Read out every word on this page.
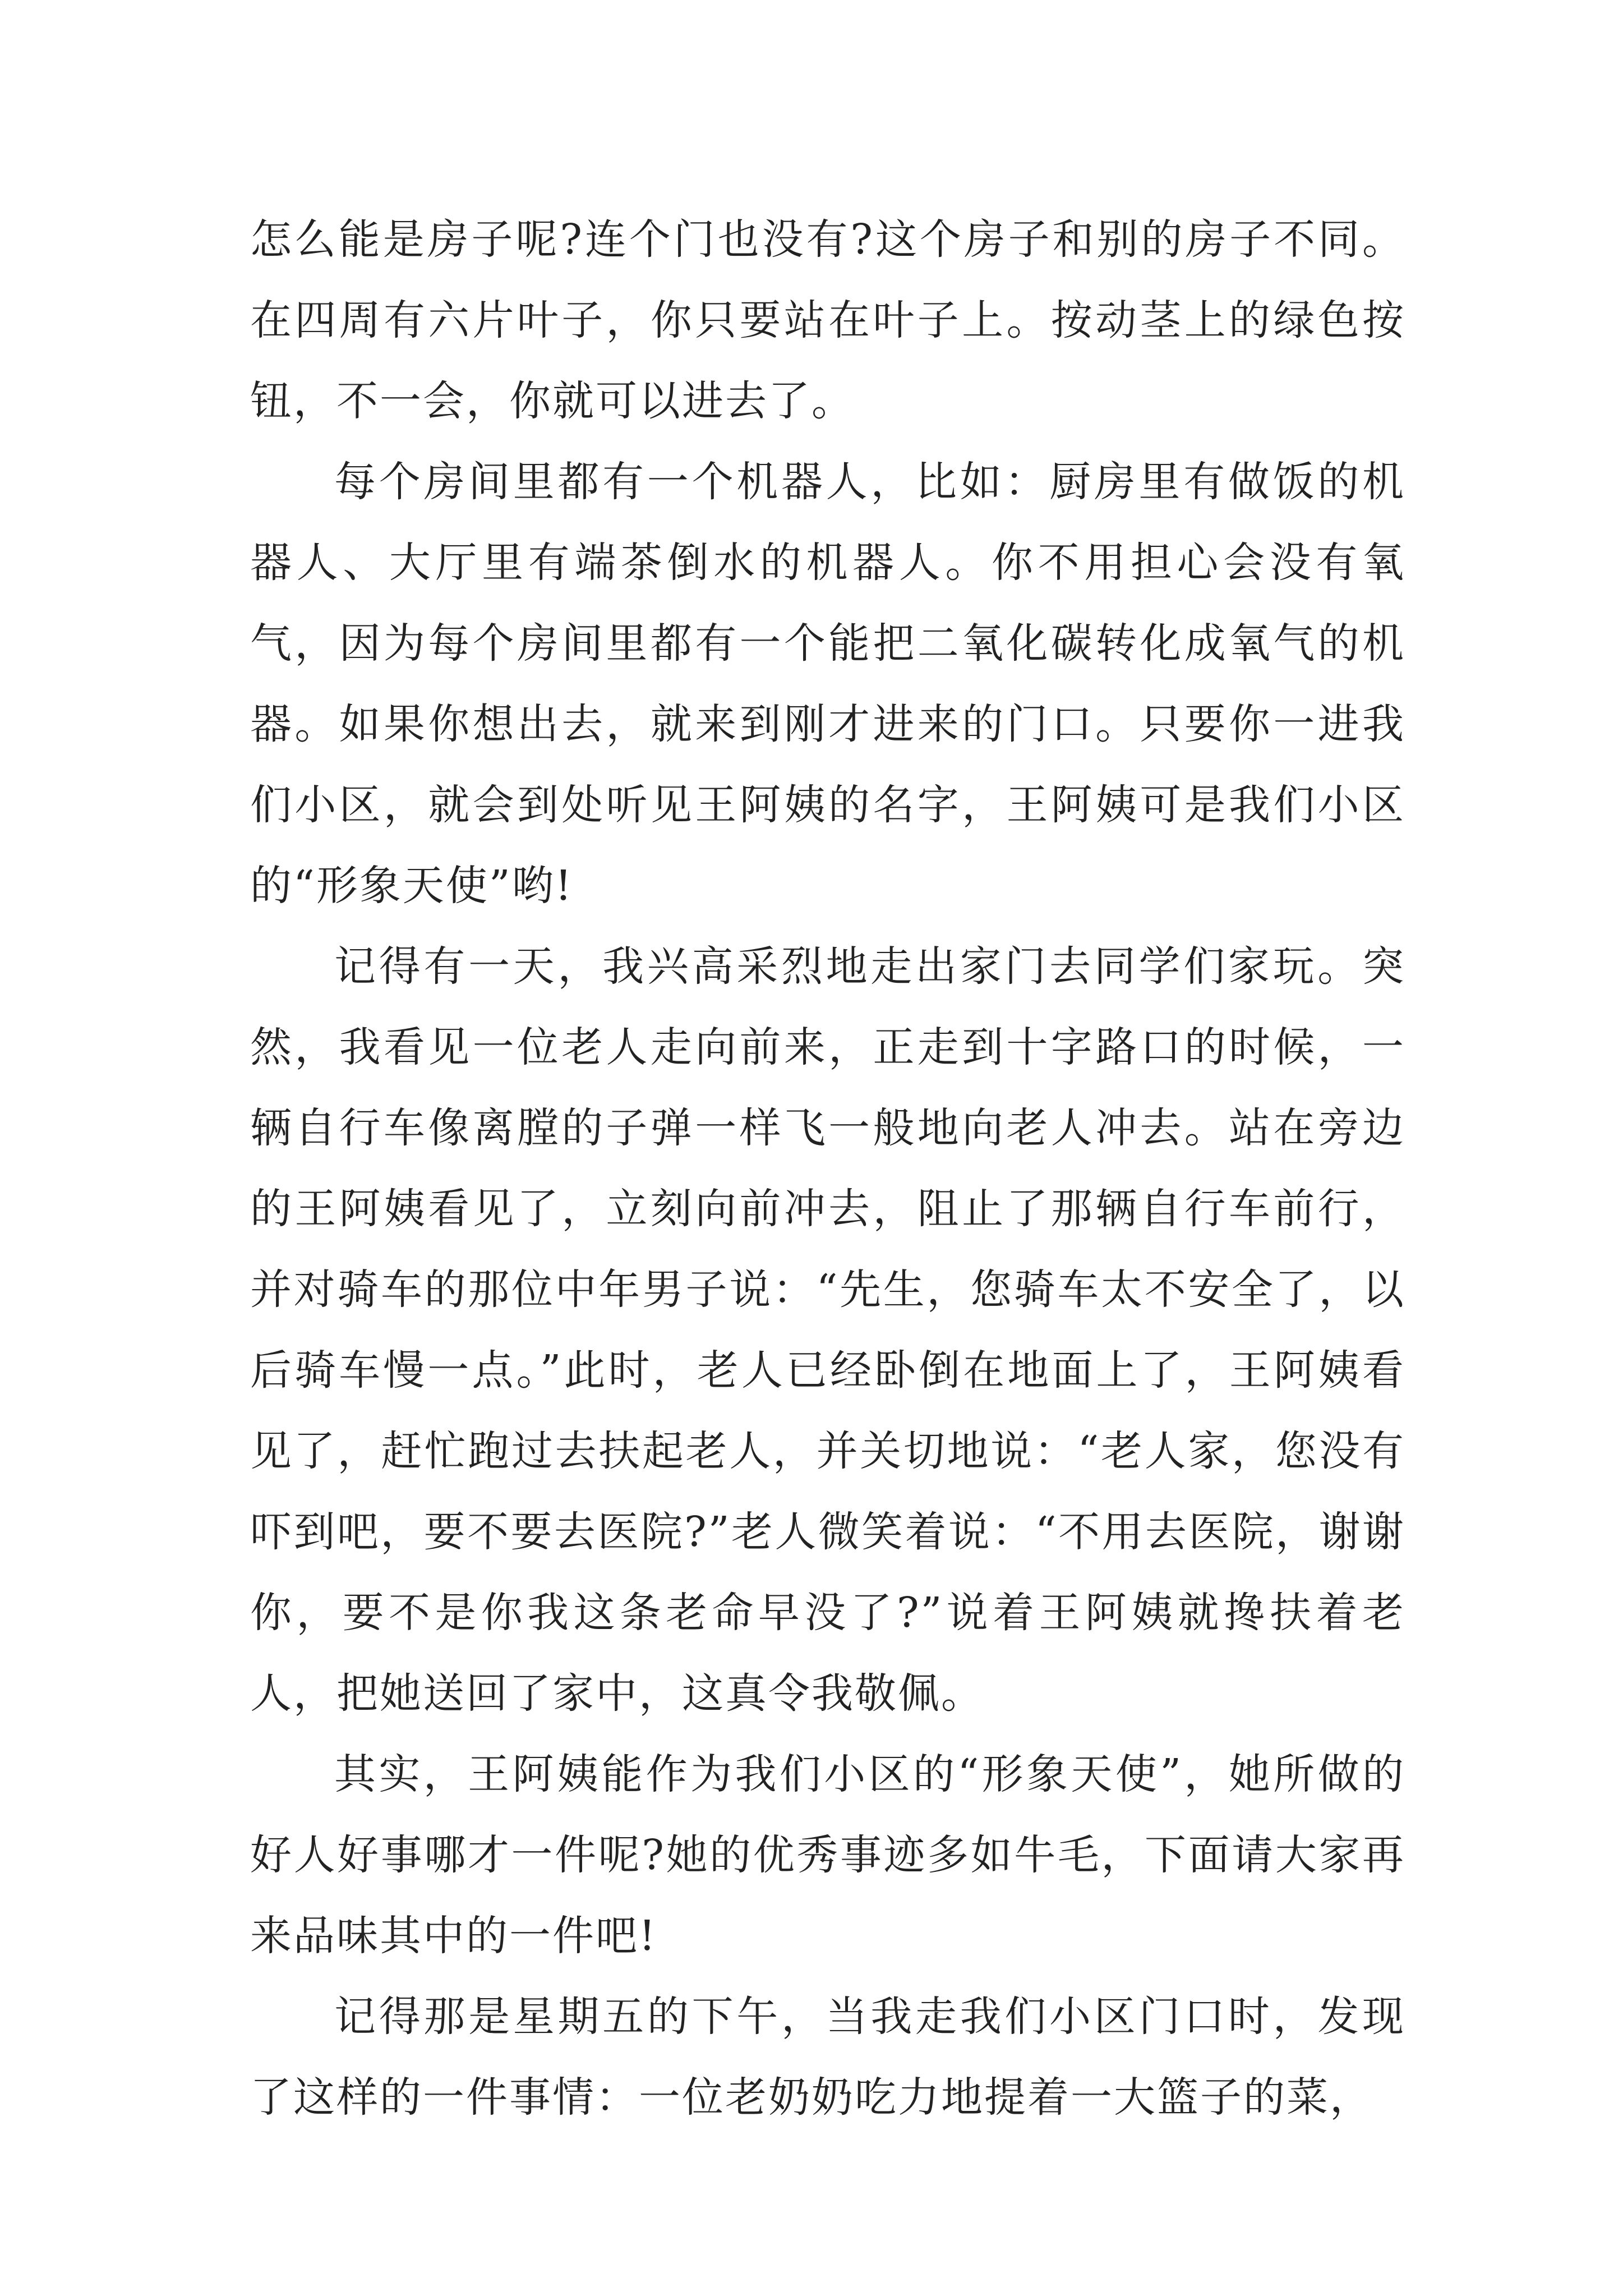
怎么能是房子呢?连个门也没有?这个房子和别的房子不同。在四周有六片叶子，你只要站在叶子上。按动茎上的绿色按钮，不一会，你就可以进去了。

每个房间里都有一个机器人，比如：厨房里有做饭的机器人、大厅里有端茶倒水的机器人。你不用担心会没有氧气，因为每个房间里都有一个能把二氧化碳转化成氧气的机器。如果你想出去，就来到刚才进来的门口。只要你一进我们小区，就会到处听见王阿姨的名字，王阿姨可是我们小区的“形象天使”哟!

记得有一天，我兴高采烈地走出家门去同学们家玩。突然，我看见一位老人走向前来，正走到十字路口的时候，一辆自行车像离膛的子弹一样飞一般地向老人冲去。站在旁边的王阿姨看见了，立刻向前冲去，阻止了那辆自行车前行，并对骑车的那位中年男子说：“先生，您骑车太不安全了，以后骑车慢一点。”此时，老人已经卧倒在地面上了，王阿姨看见了，赶忙跑过去扶起老人，并关切地说：“老人家，您没有吓到吧，要不要去医院?”老人微笑着说：“不用去医院，谢谢你，要不是你我这条老命早没了?”说着王阿姨就搀扶着老人，把她送回了家中，这真令我敬佩。

其实，王阿姨能作为我们小区的“形象天使”，她所做的好人好事哪才一件呢?她的优秀事迹多如牛毛，下面请大家再来品味其中的一件吧!

记得那是星期五的下午，当我走我们小区门口时，发现了这样的一件事情：一位老奶奶吃力地提着一大篮子的菜，
